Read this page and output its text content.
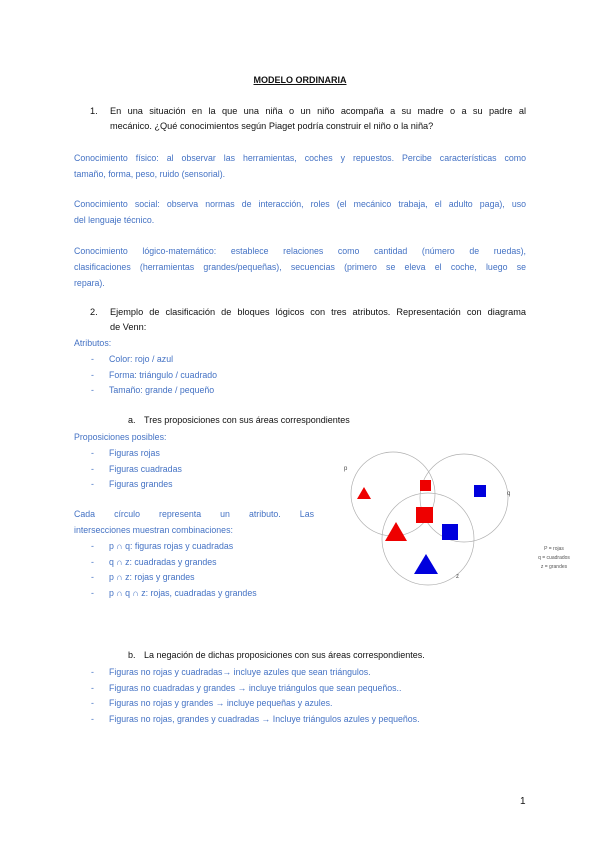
MODELO ORDINARIA
1.	En una situación en la que una niña o un niño acompaña a su madre o a su padre al
mecánico. ¿Qué conocimientos según Piaget podría construir el niño o la niña?
Conocimiento físico: al observar las herramientas, coches y repuestos. Percibe características como
tamaño, forma, peso, ruido (sensorial).
Conocimiento social: observa normas de interacción, roles (el mecánico trabaja, el adulto paga), uso
del lenguaje técnico.
Conocimiento lógico-matemático: establece relaciones como cantidad (número de ruedas),
clasificaciones (herramientas grandes/pequeñas), secuencias (primero se eleva el coche, luego se
repara).
2.	Ejemplo de clasificación de bloques lógicos con tres atributos. Representación con diagrama
de Venn:
Atributos:
- Color: rojo / azul
- Forma: triángulo / cuadrado
- Tamaño: grande / pequeño
a. Tres proposiciones con sus áreas correspondientes
Proposiciones posibles:
- Figuras rojas
- Figuras cuadradas
- Figuras grandes
Cada círculo representa un atributo. Las
intersecciones muestran combinaciones:
- p ∩ q: figuras rojas y cuadradas
- q ∩ z: cuadradas y grandes
- p ∩ z: rojas y grandes
- p ∩ q ∩ z: rojas, cuadradas y grandes
p
q
z
P = rojas
q = cuadrados
z = grandes
b. La negación de dichas proposiciones con sus áreas correspondientes.
- Figuras no rojas y cuadradas→ incluye azules que sean triángulos.
- Figuras no cuadradas y grandes → incluye triángulos que sean pequeños..
- Figuras no rojas y grandes → incluye pequeñas y azules.
- Figuras no rojas, grandes y cuadradas → Incluye triángulos azules y pequeños.
1
